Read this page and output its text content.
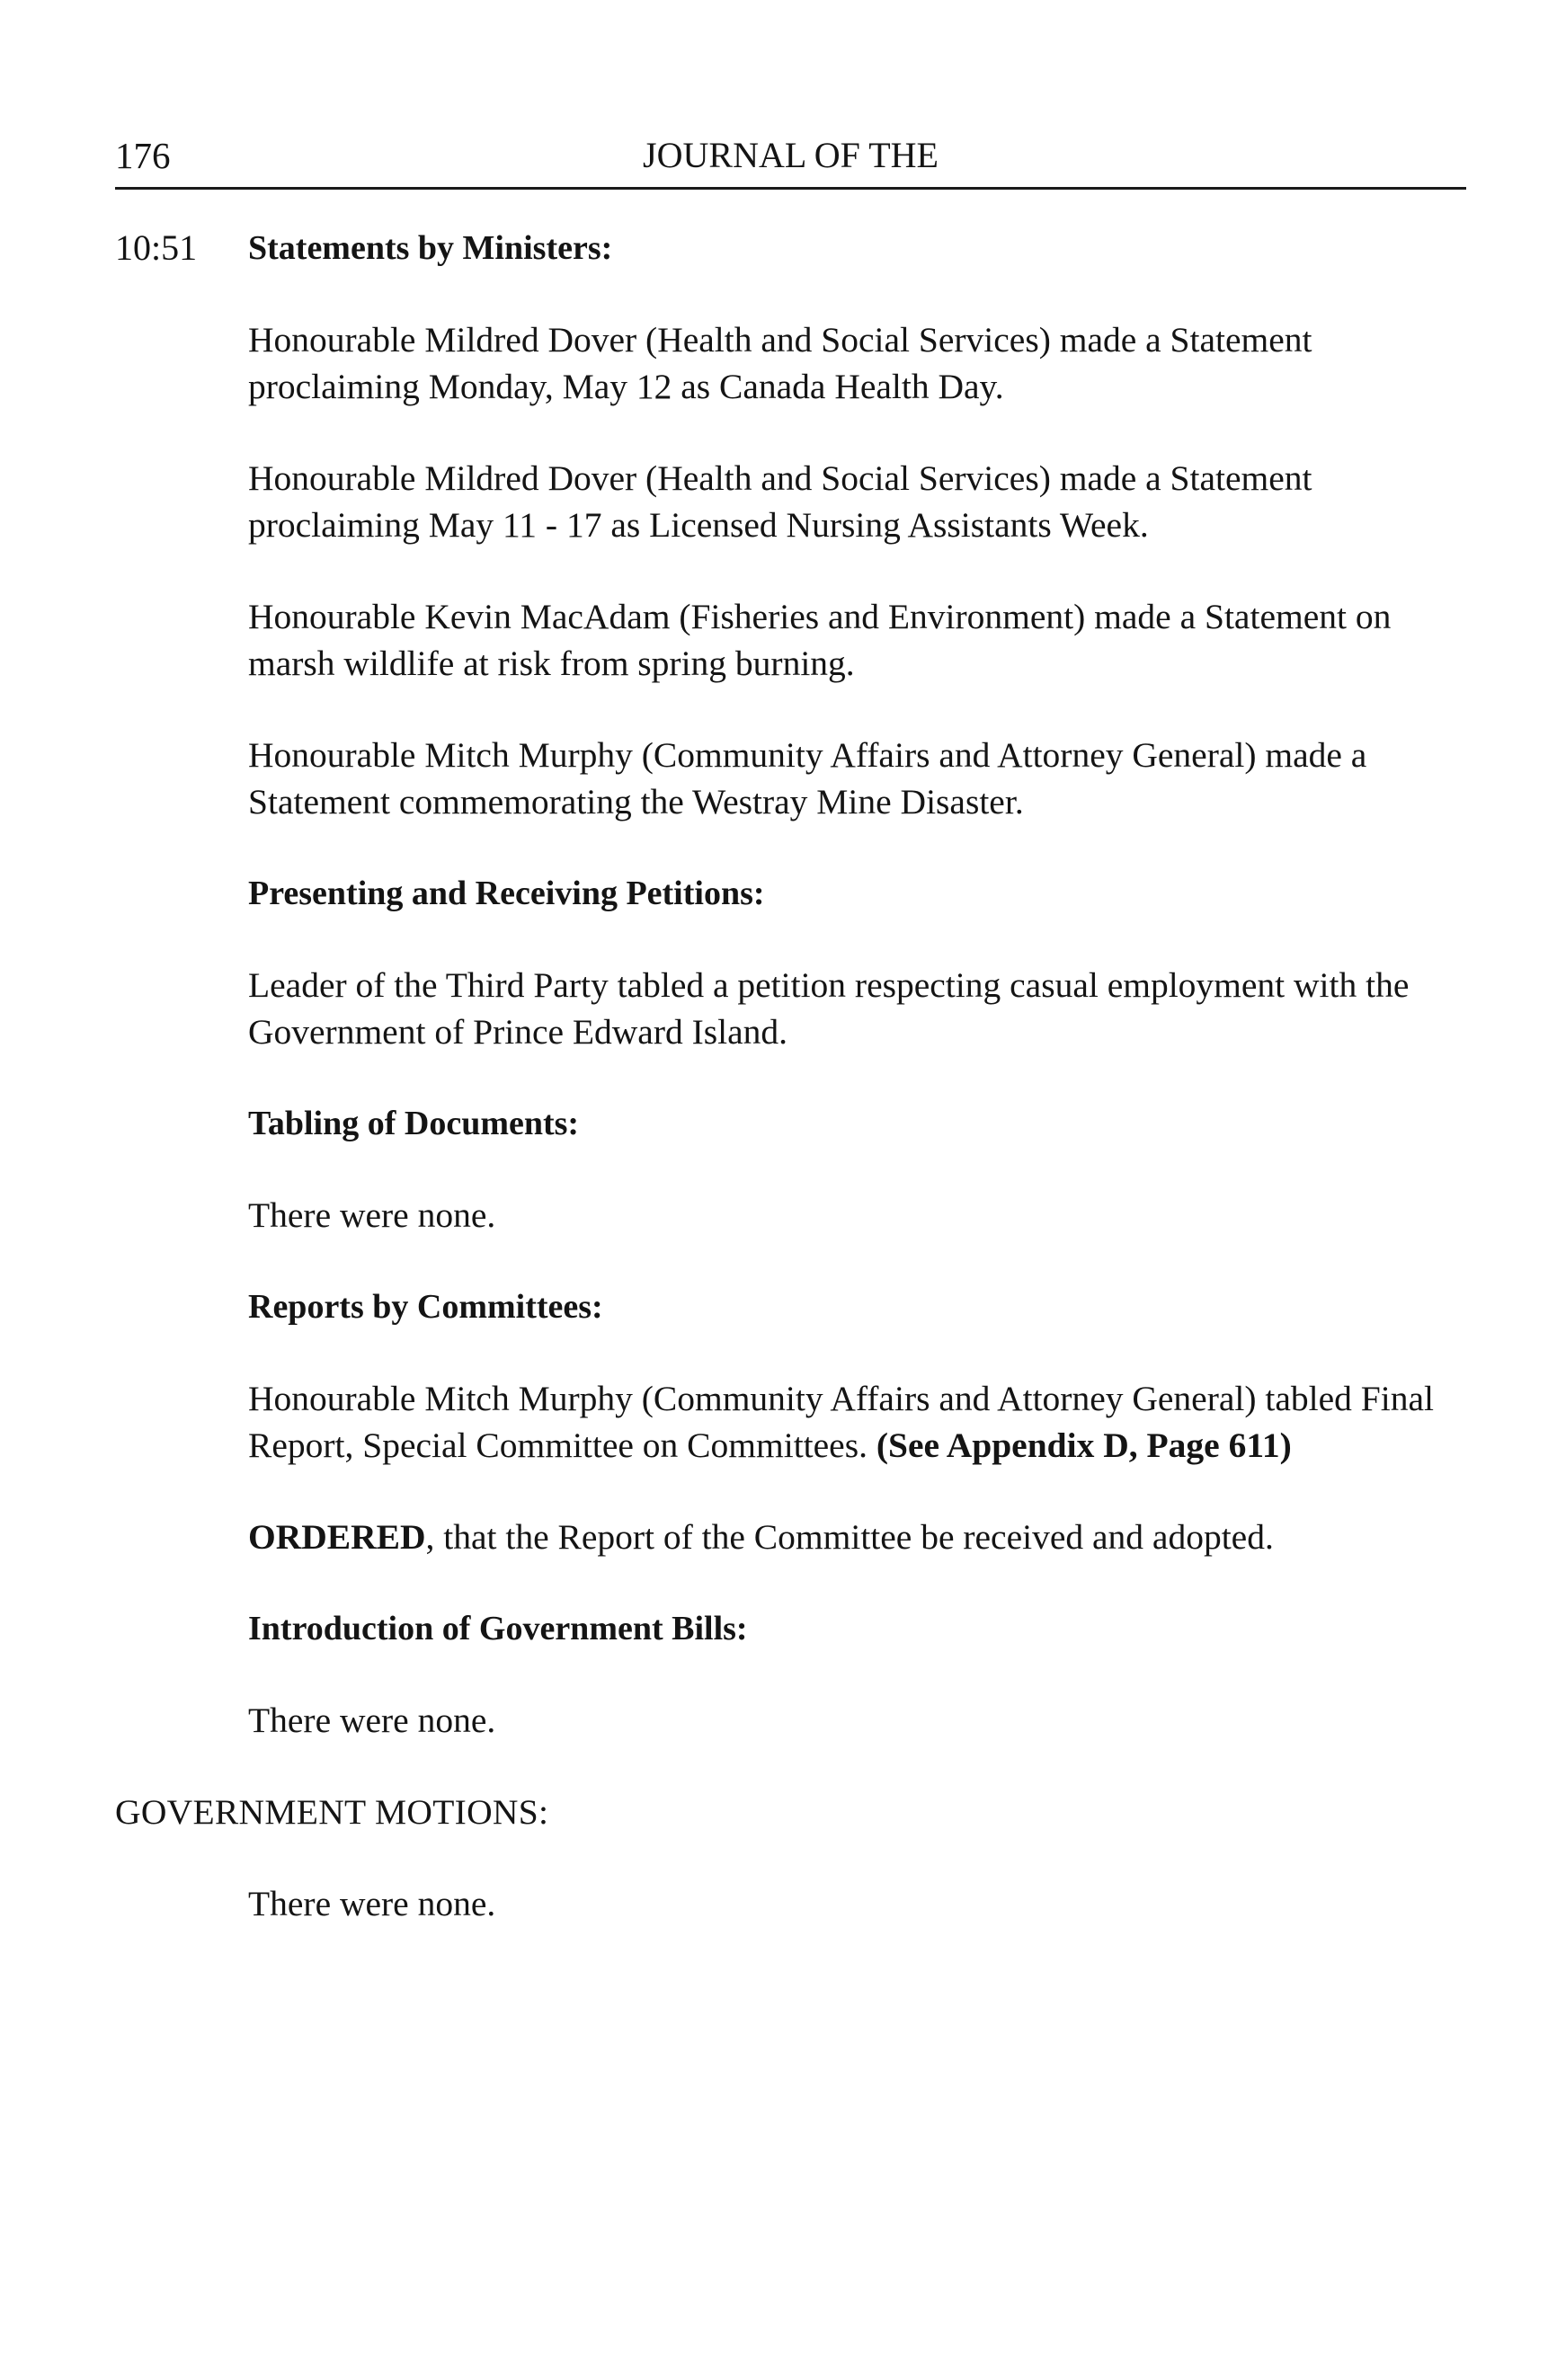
176	JOURNAL OF THE
10:51 Statements by Ministers:

Honourable Mildred Dover (Health and Social Services) made a Statement proclaiming Monday, May 12 as Canada Health Day.

Honourable Mildred Dover (Health and Social Services) made a Statement proclaiming May 11 - 17 as Licensed Nursing Assistants Week.

Honourable Kevin MacAdam (Fisheries and Environment) made a Statement on marsh wildlife at risk from spring burning.

Honourable Mitch Murphy (Community Affairs and Attorney General) made a Statement commemorating the Westray Mine Disaster.

Presenting and Receiving Petitions:

Leader of the Third Party tabled a petition respecting casual employment with the Government of Prince Edward Island.

Tabling of Documents:

There were none.

Reports by Committees:

Honourable Mitch Murphy (Community Affairs and Attorney General) tabled Final Report, Special Committee on Committees. (See Appendix D, Page 611)

ORDERED, that the Report of the Committee be received and adopted.

Introduction of Government Bills:

There were none.

GOVERNMENT MOTIONS:

There were none.
